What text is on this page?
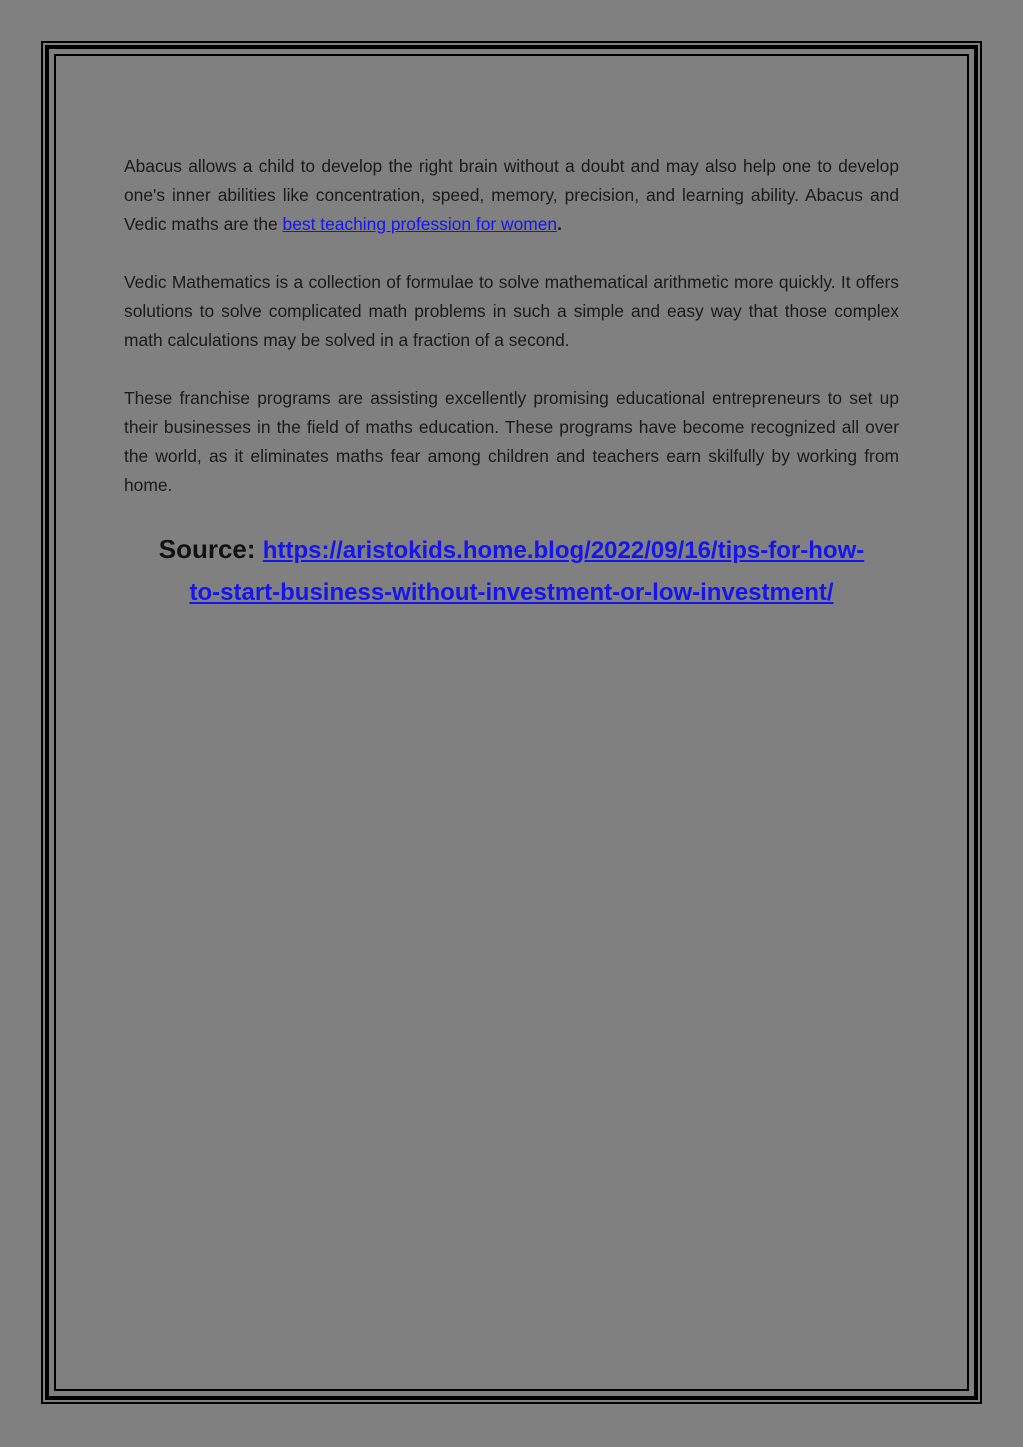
Abacus allows a child to develop the right brain without a doubt and may also help one to develop one's inner abilities like concentration, speed, memory, precision, and learning ability. Abacus and Vedic maths are the best teaching profession for women.

Vedic Mathematics is a collection of formulae to solve mathematical arithmetic more quickly. It offers solutions to solve complicated math problems in such a simple and easy way that those complex math calculations may be solved in a fraction of a second.

These franchise programs are assisting excellently promising educational entrepreneurs to set up their businesses in the field of maths education. These programs have become recognized all over the world, as it eliminates maths fear among children and teachers earn skilfully by working from home.

Source: https://aristokids.home.blog/2022/09/16/tips-for-how-
to-start-business-without-investment-or-low-investment/
